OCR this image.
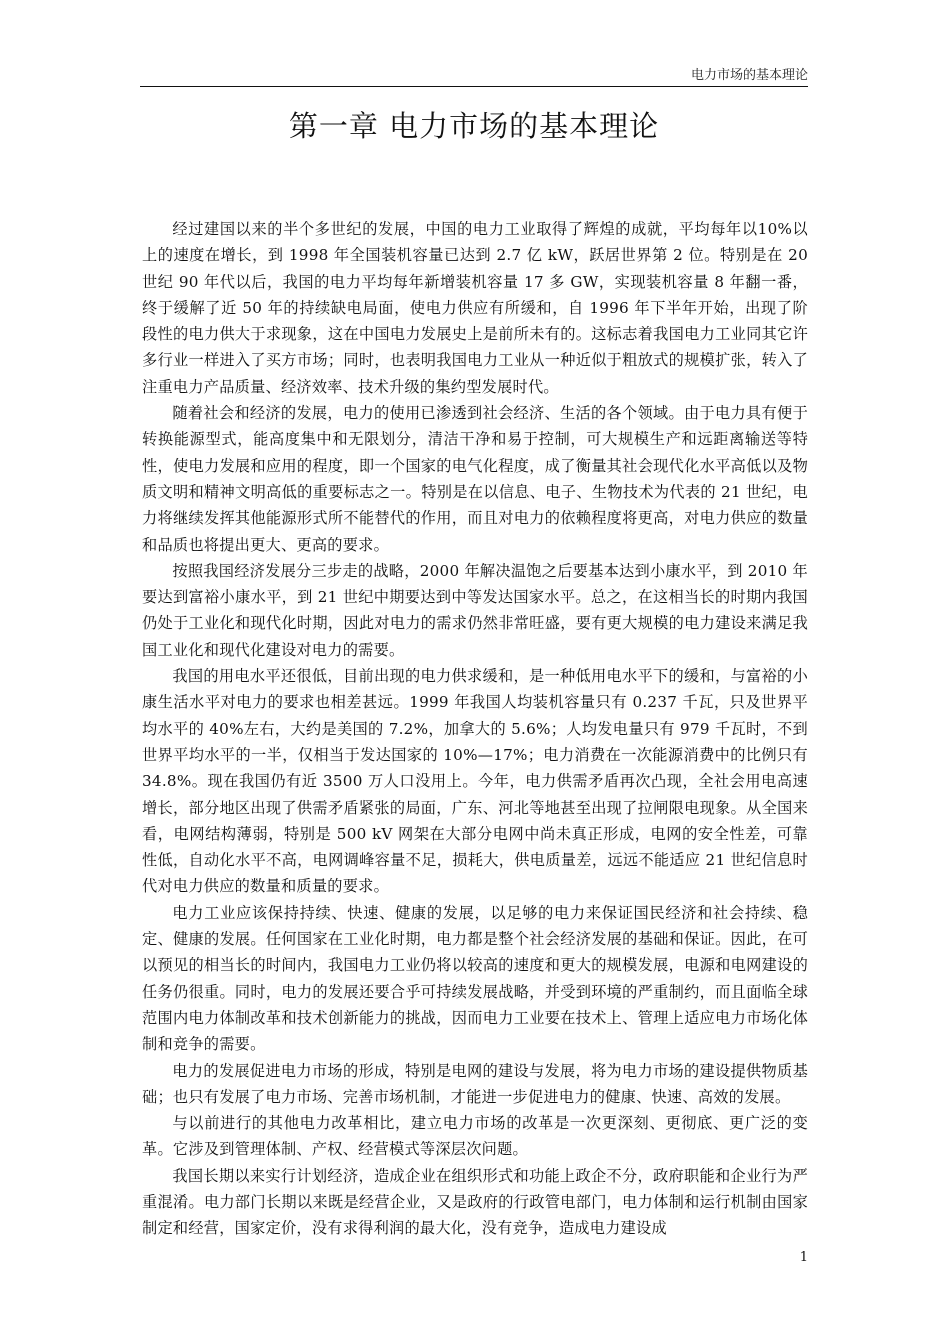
电力市场的基本理论
第一章 电力市场的基本理论

经过建国以来的半个多世纪的发展，中国的电力工业取得了辉煌的成就，平均每年以10%以上的速度在增长，到 1998 年全国装机容量已达到 2.7 亿 kW，跃居世界第 2 位。特别是在 20 世纪 90 年代以后，我国的电力平均每年新增装机容量 17 多 GW，实现装机容量 8 年翻一番，终于缓解了近 50 年的持续缺电局面，使电力供应有所缓和，自 1996 年下半年开始，出现了阶段性的电力供大于求现象，这在中国电力发展史上是前所未有的。这标志着我国电力工业同其它许多行业一样进入了买方市场；同时，也表明我国电力工业从一种近似于粗放式的规模扩张，转入了注重电力产品质量、经济效率、技术升级的集约型发展时代。

随着社会和经济的发展，电力的使用已渗透到社会经济、生活的各个领域。由于电力具有便于转换能源型式，能高度集中和无限划分，清洁干净和易于控制，可大规模生产和远距离输送等特性，使电力发展和应用的程度，即一个国家的电气化程度，成了衡量其社会现代化水平高低以及物质文明和精神文明高低的重要标志之一。特别是在以信息、电子、生物技术为代表的 21 世纪，电力将继续发挥其他能源形式所不能替代的作用，而且对电力的依赖程度将更高，对电力供应的数量和品质也将提出更大、更高的要求。

按照我国经济发展分三步走的战略，2000 年解决温饱之后要基本达到小康水平，到 2010 年要达到富裕小康水平，到 21 世纪中期要达到中等发达国家水平。总之，在这相当长的时期内我国仍处于工业化和现代化时期，因此对电力的需求仍然非常旺盛，要有更大规模的电力建设来满足我国工业化和现代化建设对电力的需要。

我国的用电水平还很低，目前出现的电力供求缓和，是一种低用电水平下的缓和，与富裕的小康生活水平对电力的要求也相差甚远。1999 年我国人均装机容量只有 0.237 千瓦，只及世界平均水平的 40%左右，大约是美国的 7.2%，加拿大的 5.6%；人均发电量只有 979 千瓦时，不到世界平均水平的一半，仅相当于发达国家的 10%—17%；电力消费在一次能源消费中的比例只有 34.8%。现在我国仍有近 3500 万人口没用上。今年，电力供需矛盾再次凸现，全社会用电高速增长，部分地区出现了供需矛盾紧张的局面，广东、河北等地甚至出现了拉闸限电现象。从全国来看，电网结构薄弱，特别是 500 kV 网架在大部分电网中尚未真正形成，电网的安全性差，可靠性低，自动化水平不高，电网调峰容量不足，损耗大，供电质量差，远远不能适应 21 世纪信息时代对电力供应的数量和质量的要求。

电力工业应该保持持续、快速、健康的发展，以足够的电力来保证国民经济和社会持续、稳定、健康的发展。任何国家在工业化时期，电力都是整个社会经济发展的基础和保证。因此，在可以预见的相当长的时间内，我国电力工业仍将以较高的速度和更大的规模发展，电源和电网建设的任务仍很重。同时，电力的发展还要合乎可持续发展战略，并受到环境的严重制约，而且面临全球范围内电力体制改革和技术创新能力的挑战，因而电力工业要在技术上、管理上适应电力市场化体制和竞争的需要。

电力的发展促进电力市场的形成，特别是电网的建设与发展，将为电力市场的建设提供物质基础；也只有发展了电力市场、完善市场机制，才能进一步促进电力的健康、快速、高效的发展。

与以前进行的其他电力改革相比，建立电力市场的改革是一次更深刻、更彻底、更广泛的变革。它涉及到管理体制、产权、经营模式等深层次问题。

我国长期以来实行计划经济，造成企业在组织形式和功能上政企不分，政府职能和企业行为严重混淆。电力部门长期以来既是经营企业，又是政府的行政管电部门，电力体制和运行机制由国家制定和经营，国家定价，没有求得利润的最大化，没有竞争，造成电力建设成

1
